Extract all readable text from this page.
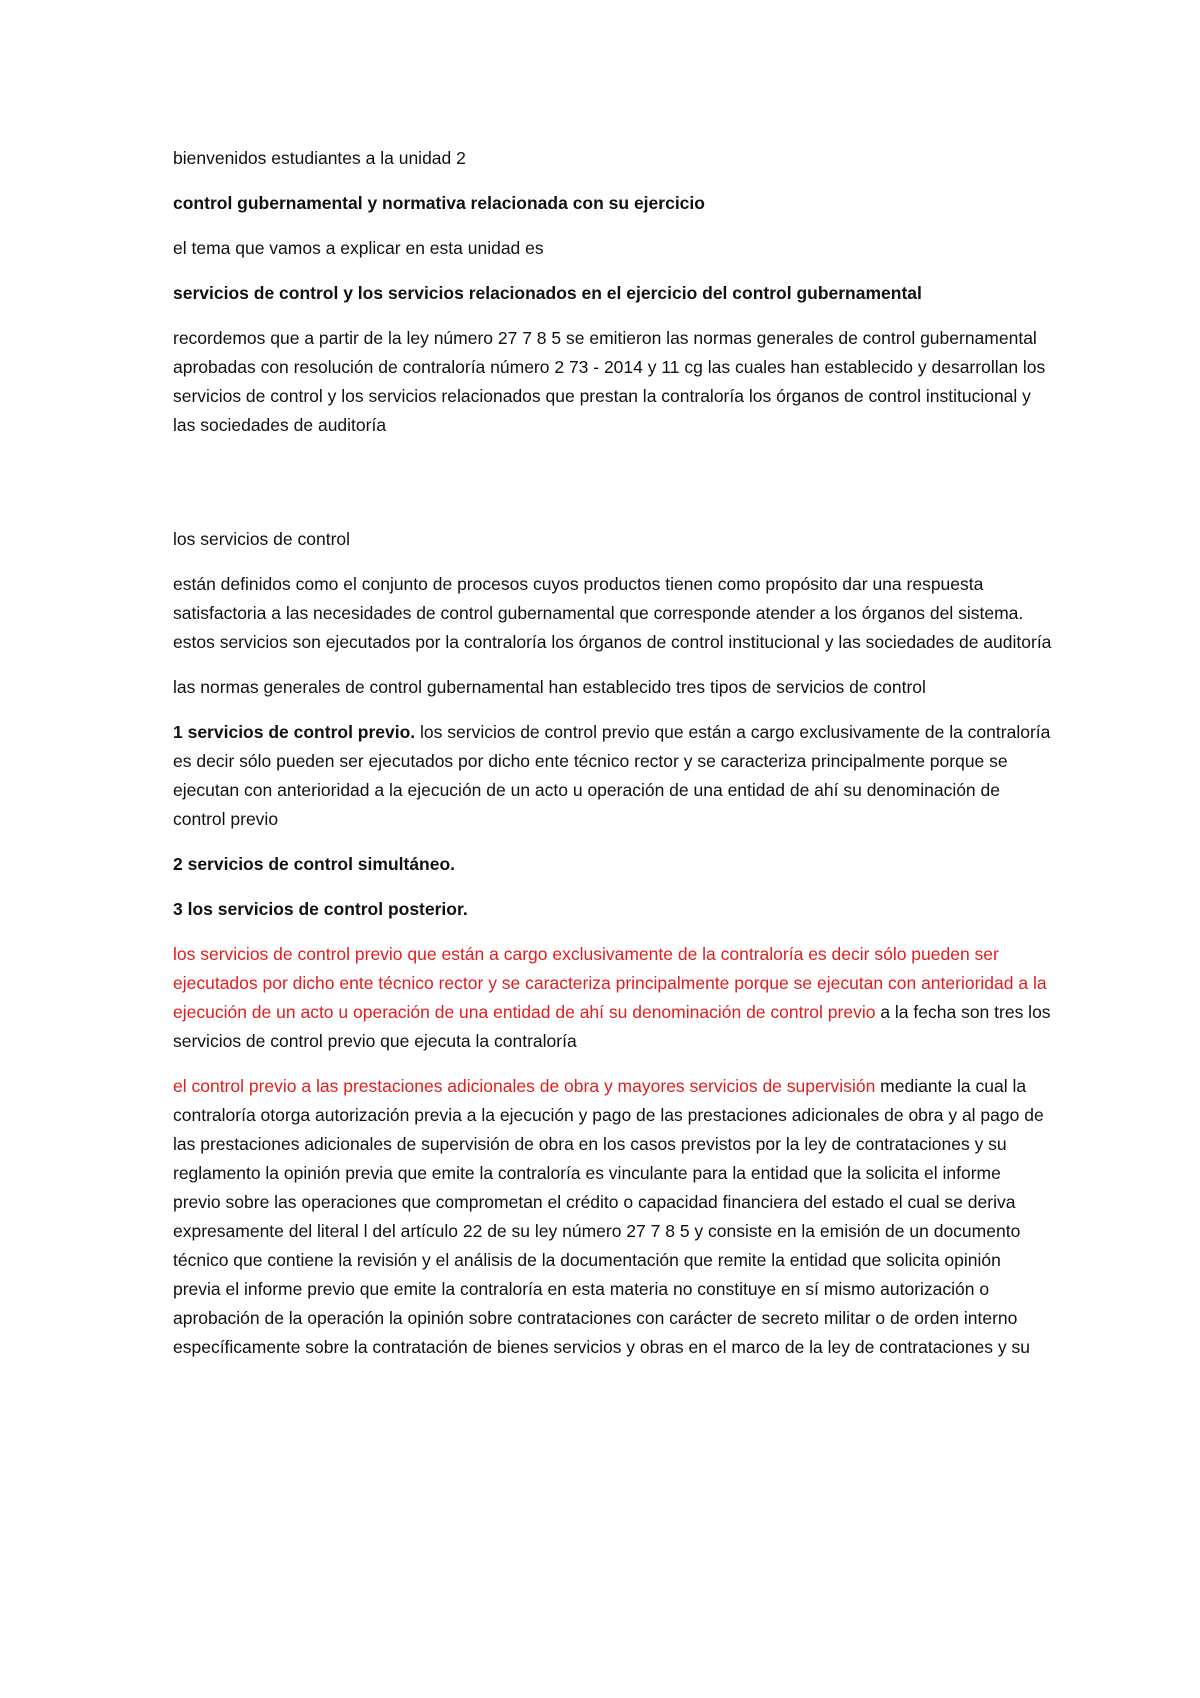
bienvenidos estudiantes a la unidad 2

control gubernamental y normativa relacionada con su ejercicio

el tema que vamos a explicar en esta unidad es

servicios de control y los servicios relacionados en el ejercicio del control gubernamental

recordemos que a partir de la ley número 27 7 8 5 se emitieron las normas generales de control gubernamental aprobadas con resolución de contraloría número 2 73 - 2014 y 11 cg las cuales han establecido y desarrollan los servicios de control y los servicios relacionados que prestan la contraloría los órganos de control institucional y las sociedades de auditoría

los servicios de control

están definidos como el conjunto de procesos cuyos productos tienen como propósito dar una respuesta satisfactoria a las necesidades de control gubernamental que corresponde atender a los órganos del sistema. estos servicios son ejecutados por la contraloría los órganos de control institucional y las sociedades de auditoría

las normas generales de control gubernamental han establecido tres tipos de servicios de control

1 servicios de control previo. los servicios de control previo que están a cargo exclusivamente de la contraloría es decir sólo pueden ser ejecutados por dicho ente técnico rector y se caracteriza principalmente porque se ejecutan con anterioridad a la ejecución de un acto u operación de una entidad de ahí su denominación de control previo

2 servicios de control simultáneo.

3 los servicios de control posterior.

los servicios de control previo que están a cargo exclusivamente de la contraloría es decir sólo pueden ser ejecutados por dicho ente técnico rector y se caracteriza principalmente porque se ejecutan con anterioridad a la ejecución de un acto u operación de una entidad de ahí su denominación de control previo a la fecha son tres los servicios de control previo que ejecuta la contraloría

el control previo a las prestaciones adicionales de obra y mayores servicios de supervisión mediante la cual la contraloría otorga autorización previa a la ejecución y pago de las prestaciones adicionales de obra y al pago de las prestaciones adicionales de supervisión de obra en los casos previstos por la ley de contrataciones y su reglamento la opinión previa que emite la contraloría es vinculante para la entidad que la solicita el informe previo sobre las operaciones que comprometan el crédito o capacidad financiera del estado el cual se deriva expresamente del literal l del artículo 22 de su ley número 27 7 8 5 y consiste en la emisión de un documento técnico que contiene la revisión y el análisis de la documentación que remite la entidad que solicita opinión previa el informe previo que emite la contraloría en esta materia no constituye en sí mismo autorización o aprobación de la operación la opinión sobre contrataciones con carácter de secreto militar o de orden interno específicamente sobre la contratación de bienes servicios y obras en el marco de la ley de contrataciones y su
